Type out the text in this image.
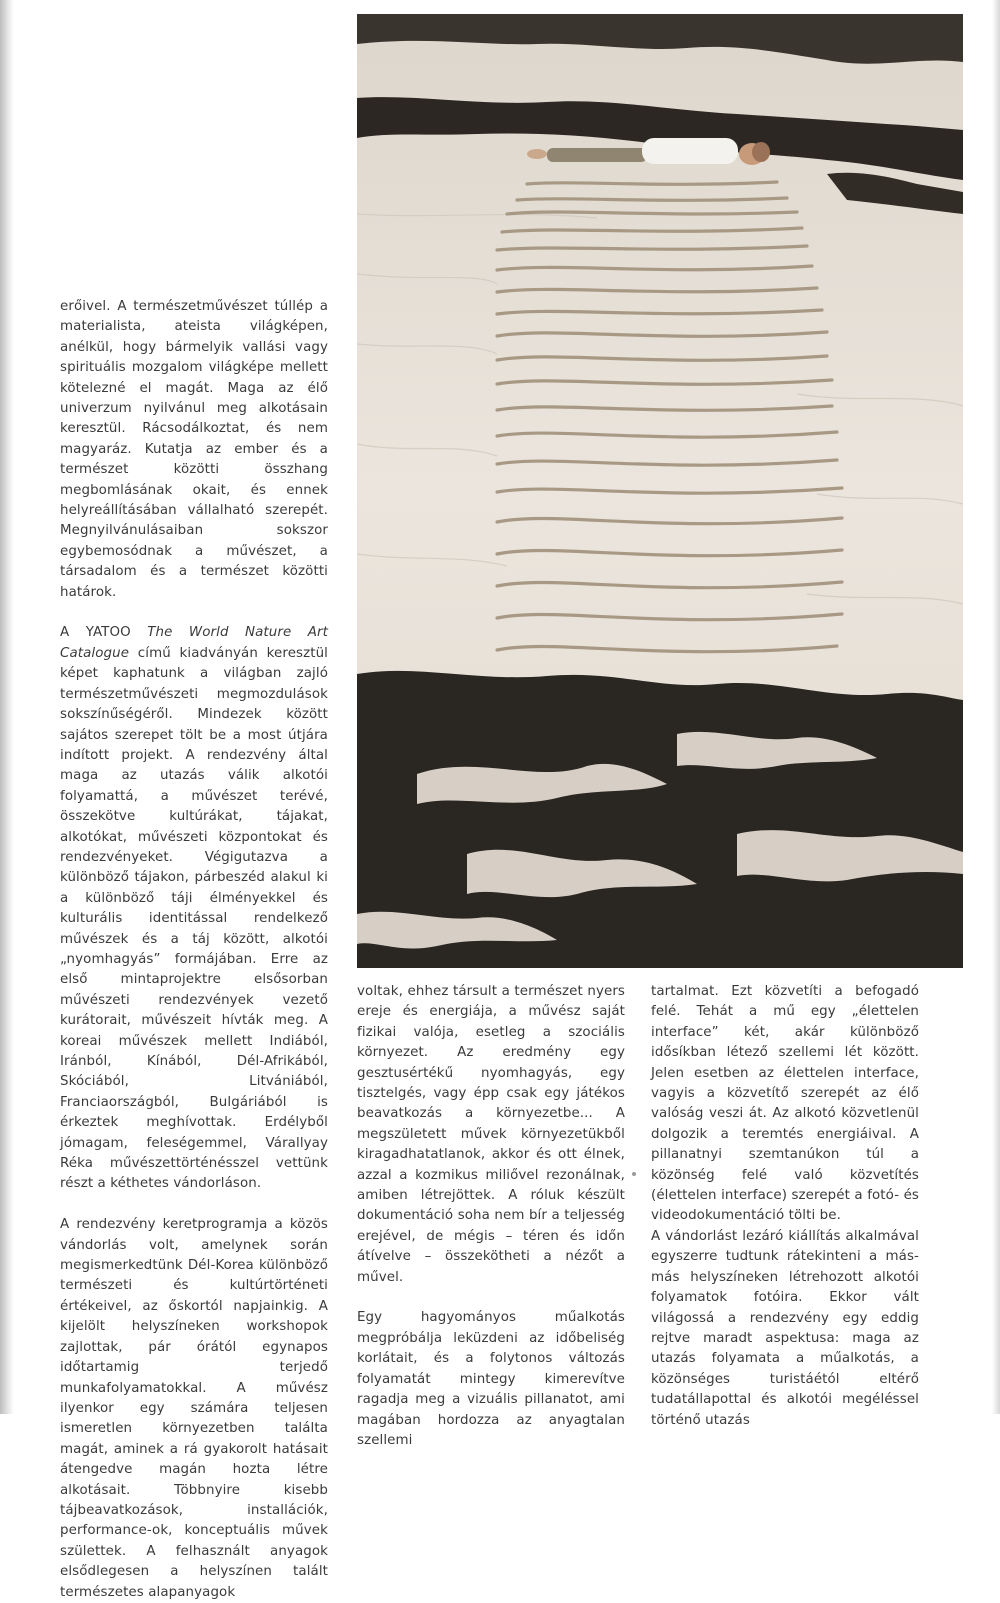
erőivel. A természetművészet túllép a materialista, ateista világképen, anélkül, hogy bármelyik vallási vagy spirituális mozgalom világképe mellett kötelezné el magát. Maga az élő univerzum nyilvánul meg alkotásain keresztül. Rácsodálkoztat, és nem magyaráz. Kutatja az ember és a természet közötti összhang megbomlásának okait, és ennek helyreállításában vállalható szerepét. Megnyilvánulásaiban sokszor egybemosódnak a művészet, a társadalom és a természet közötti határok.

A YATOO The World Nature Art Catalogue című kiadványán keresztül képet kaphatunk a világban zajló természetművészeti megmozdulások sokszínűségéről. Mindezek között sajátos szerepet tölt be a most útjára indított projekt. A rendezvény által maga az utazás válik alkotói folyamattá, a művészet terévé, összekötve kultúrákat, tájakat, alkotókat, művészeti központokat és rendezvényeket. Végigutazva a különböző tájakon, párbeszéd alakul ki a különböző táji élményekkel és kulturális identitással rendelkező művészek és a táj között, alkotói „nyomhagyás” formájában. Erre az első mintaprojektre elsősorban művészeti rendezvények vezető kurátorait, művészeit hívták meg. A koreai művészek mellett Indiából, Iránból, Kínából, Dél-Afrikából, Skóciából, Litvániából, Franciaországból, Bulgáriából is érkeztek meghívottak. Erdélyből jómagam, feleségemmel, Várallyay Réka művészettörténésszel vettünk részt a kéthetes vándorláson.

A rendezvény keretprogramja a közös vándorlás volt, amelynek során megismerkedtünk Dél-Korea különböző természeti és kultúrtörténeti értékeivel, az őskortól napjainkig. A kijelölt helyszíneken workshopok zajlottak, pár órától egynapos időtartamig terjedő munkafolyamatokkal. A művész ilyenkor egy számára teljesen ismeretlen környezetben találta magát, aminek a rá gyakorolt hatásait átengedve magán hozta létre alkotásait. Többnyire kisebb tájbeavatkozások, installációk, performance-ok, konceptuális művek születtek. A felhasznált anyagok elsődlegesen a helyszínen talált természetes alapanyagok

voltak, ehhez társult a természet nyers ereje és energiája, a művész saját fizikai valója, esetleg a szociális környezet. Az eredmény egy gesztusértékű nyomhagyás, egy tisztelgés, vagy épp csak egy játékos beavatkozás a környezetbe... A megszületett művek környezetükből kiragadhatatlanok, akkor és ott élnek, azzal a kozmikus miliővel rezonálnak, amiben létrejöttek. A róluk készült dokumentáció soha nem bír a teljesség erejével, de mégis – téren és időn átívelve – összekötheti a nézőt a művel.

Egy hagyományos műalkotás megpróbálja leküzdeni az időbeliség korlátait, és a folytonos változás folyamatát mintegy kimerevítve ragadja meg a vizuális pillanatot, ami magában hordozza az anyagtalan szellemi

tartalmat. Ezt közvetíti a befogadó felé. Tehát a mű egy „élettelen interface” két, akár különböző idősíkban létező szellemi lét között. Jelen esetben az élettelen interface, vagyis a közvetítő szerepét az élő valóság veszi át. Az alkotó közvetlenül dolgozik a teremtés energiáival. A pillanatnyi szemtanúkon túl a közönség felé való közvetítés (élettelen interface) szerepét a fotó- és videodokumentáció tölti be.

A vándorlást lezáró kiállítás alkalmával egyszerre tudtunk rátekinteni a más-más helyszíneken létrehozott alkotói folyamatok fotóira. Ekkor vált világossá a rendezvény egy eddig rejtve maradt aspektusa: maga az utazás folyamata a műalkotás, a közönséges turistáétól eltérő tudatállapottal és alkotói megéléssel történő utazás
